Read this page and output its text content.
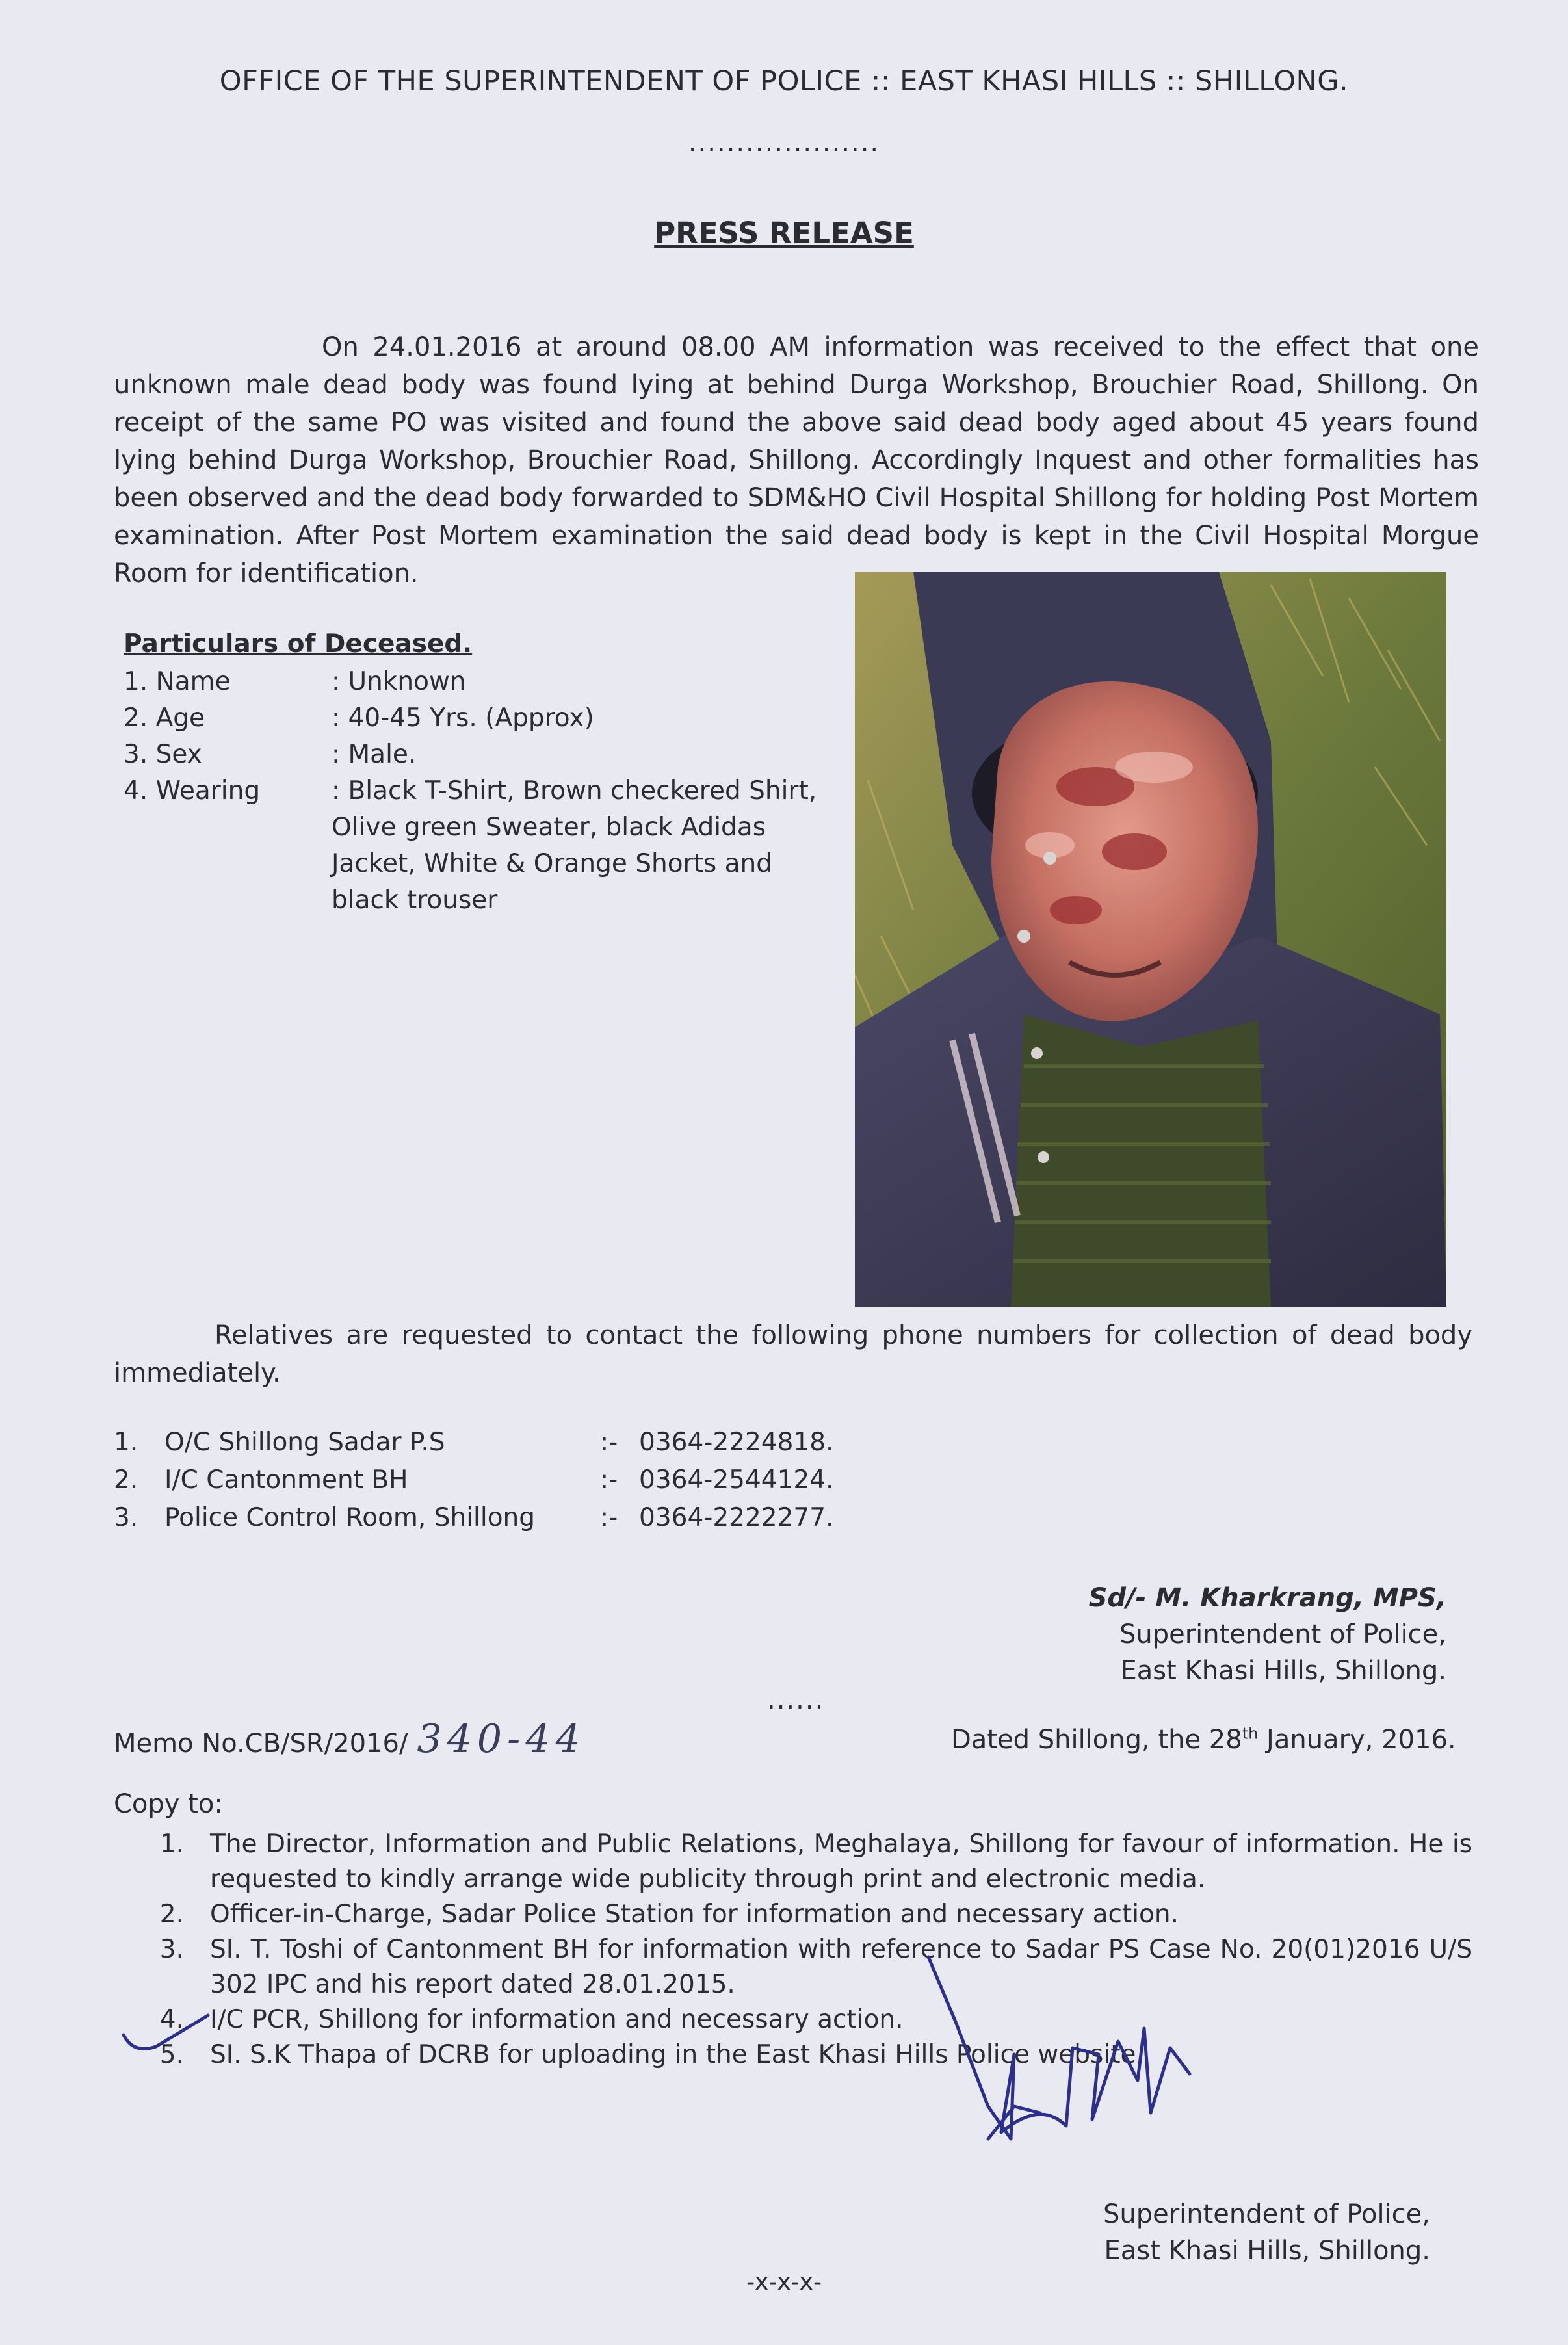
OFFICE OF THE SUPERINTENDENT OF POLICE :: EAST KHASI HILLS :: SHILLONG.
....................
PRESS RELEASE
On 24.01.2016 at around 08.00 AM information was received to the effect that one unknown male dead body was found lying at behind Durga Workshop, Brouchier Road, Shillong. On receipt of the same PO was visited and found the above said dead body aged about 45 years found lying behind Durga Workshop, Brouchier Road, Shillong. Accordingly Inquest and other formalities has been observed and the dead body forwarded to SDM&HO Civil Hospital Shillong for holding Post Mortem examination. After Post Mortem examination the said dead body is kept in the Civil Hospital Morgue Room for identification.
Particulars of Deceased.
1. Name	: Unknown
2. Age	: 40-45 Yrs. (Approx)
3. Sex	: Male.
4. Wearing	: Black T-Shirt, Brown checkered Shirt, Olive green Sweater, black Adidas Jacket, White & Orange Shorts and black trouser
Relatives are requested to contact the following phone numbers for collection of dead body immediately.
1.	O/C Shillong Sadar P.S	:- 0364-2224818.
2.	I/C Cantonment BH	:- 0364-2544124.
3.	Police Control Room, Shillong	:- 0364-2222277.
Sd/- M. Kharkrang, MPS,
Superintendent of Police,
East Khasi Hills, Shillong.
......
Memo No.CB/SR/2016/ 340-44	Dated Shillong, the 28th January, 2016.
Copy to:
1.	The Director, Information and Public Relations, Meghalaya, Shillong for favour of information. He is requested to kindly arrange wide publicity through print and electronic media.
2.	Officer-in-Charge, Sadar Police Station for information and necessary action.
3.	SI. T. Toshi of Cantonment BH for information with reference to Sadar PS Case No. 20(01)2016 U/S 302 IPC and his report dated 28.01.2015.
4.	I/C PCR, Shillong for information and necessary action.
5.	SI. S.K Thapa of DCRB for uploading in the East Khasi Hills Police website.
Superintendent of Police,
East Khasi Hills, Shillong.
-x-x-x-
